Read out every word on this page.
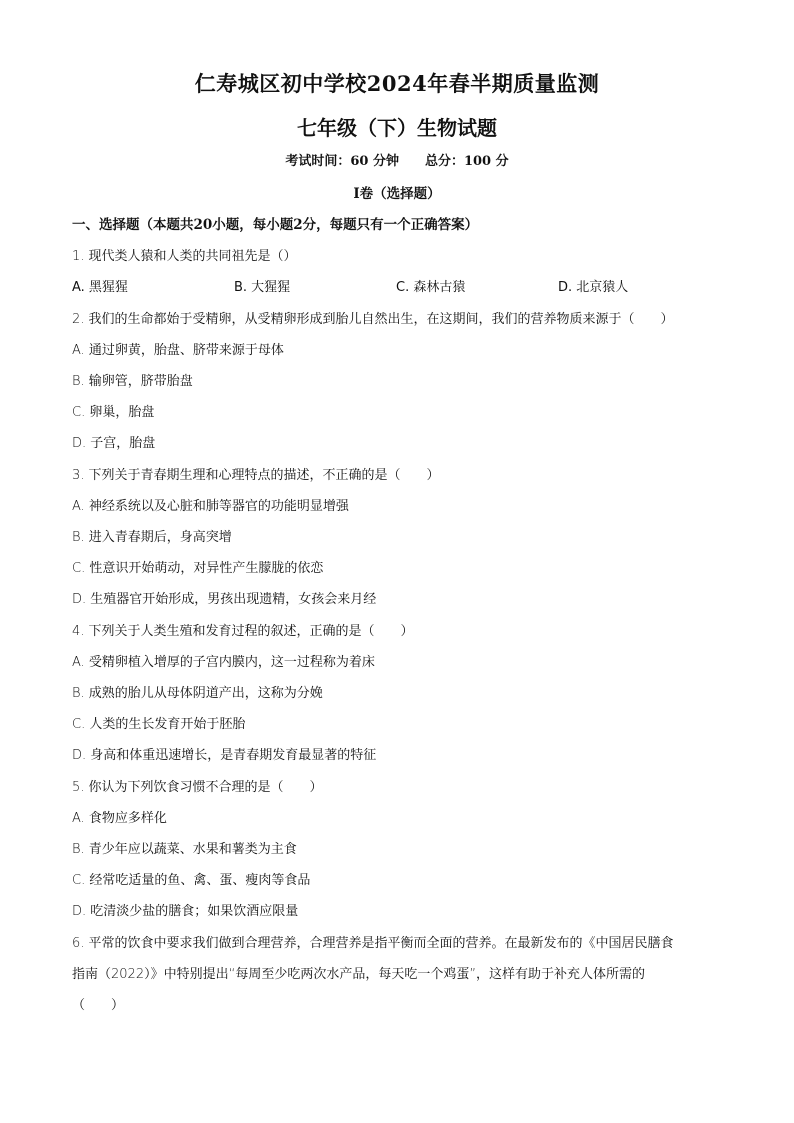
仁寿城区初中学校2024年春半期质量监测
七年级（下）生物试题
考试时间：60 分钟 总分：100 分
Ⅰ卷（选择题）
一、选择题（本题共20小题，每小题2分，每题只有一个正确答案）
1. 现代类人猿和人类的共同祖先是（）
A. 黑猩猩	B. 大猩猩	C. 森林古猿	D. 北京猿人
2. 我们的生命都始于受精卵，从受精卵形成到胎儿自然出生，在这期间，我们的营养物质来源于（　　）
A. 通过卵黄，胎盘、脐带来源于母体
B. 输卵管，脐带胎盘
C. 卵巢，胎盘
D. 子宫，胎盘
3. 下列关于青春期生理和心理特点的描述，不正确的是（　　）
A. 神经系统以及心脏和肺等器官的功能明显增强
B. 进入青春期后，身高突增
C. 性意识开始萌动，对异性产生朦胧的依恋
D. 生殖器官开始形成，男孩出现遗精，女孩会来月经
4. 下列关于人类生殖和发育过程的叙述，正确的是（　　）
A. 受精卵植入增厚的子宫内膜内，这一过程称为着床
B. 成熟的胎儿从母体阴道产出，这称为分娩
C. 人类的生长发育开始于胚胎
D. 身高和体重迅速增长，是青春期发育最显著的特征
5. 你认为下列饮食习惯不合理的是（　　）
A. 食物应多样化
B. 青少年应以蔬菜、水果和薯类为主食
C. 经常吃适量的鱼、禽、蛋、瘦肉等食品
D. 吃清淡少盐的膳食；如果饮酒应限量
6. 平常的饮食中要求我们做到合理营养，合理营养是指平衡而全面的营养。在最新发布的《中国居民膳食
指南（2022）》中特别提出“每周至少吃两次水产品，每天吃一个鸡蛋”，这样有助于补充人体所需的
（　　）
